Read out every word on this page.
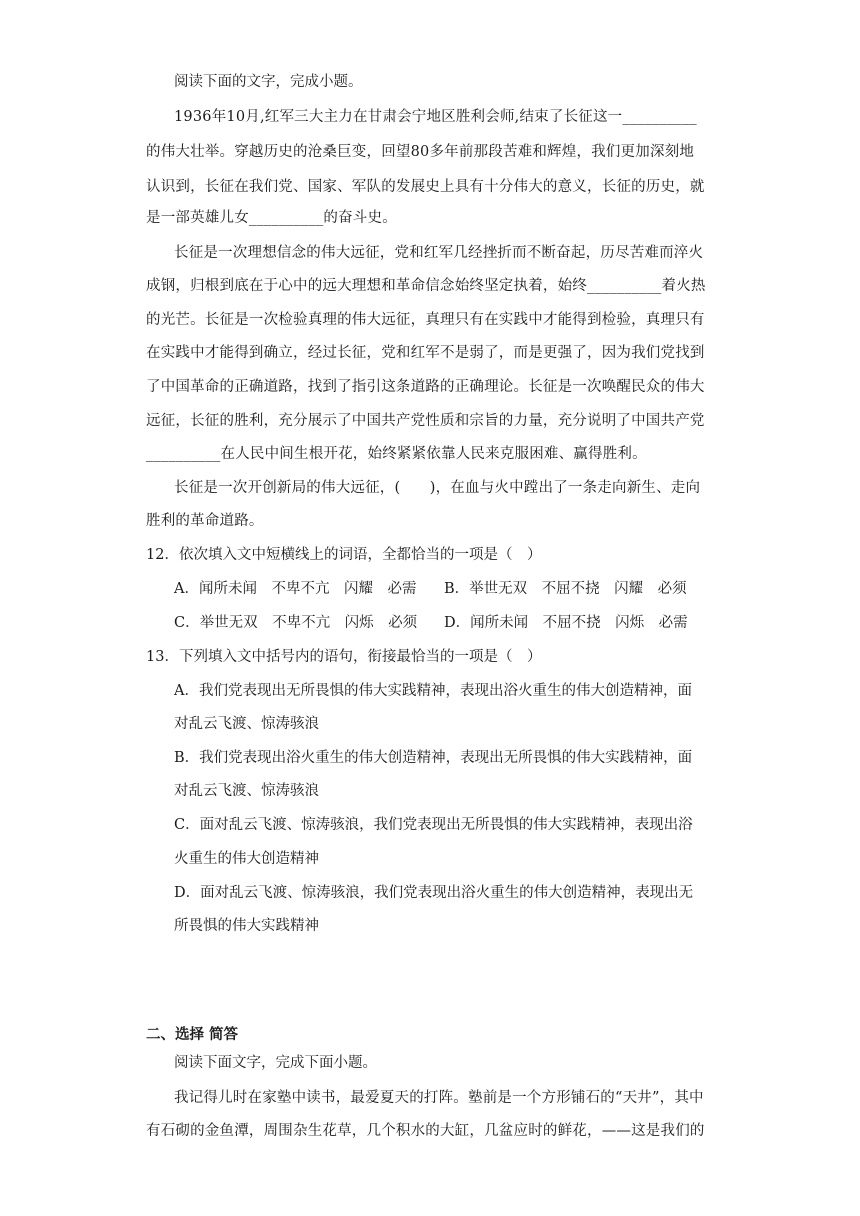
阅读下面的文字，完成小题。
1936年10月,红军三大主力在甘肃会宁地区胜利会师,结束了长征这一__________
的伟大壮举。穿越历史的沧桑巨变，回望80多年前那段苦难和辉煌，我们更加深刻地
认识到，长征在我们党、国家、军队的发展史上具有十分伟大的意义，长征的历史，就
是一部英雄儿女__________的奋斗史。
长征是一次理想信念的伟大远征，党和红军几经挫折而不断奋起，历尽苦难而淬火
成钢，归根到底在于心中的远大理想和革命信念始终坚定执着，始终__________着火热
的光芒。长征是一次检验真理的伟大远征，真理只有在实践中才能得到检验，真理只有
在实践中才能得到确立，经过长征，党和红军不是弱了，而是更强了，因为我们党找到
了中国革命的正确道路，找到了指引这条道路的正确理论。长征是一次唤醒民众的伟大
远征，长征的胜利，充分展示了中国共产党性质和宗旨的力量，充分说明了中国共产党
__________在人民中间生根开花，始终紧紧依靠人民来克服困难、赢得胜利。
长征是一次开创新局的伟大远征，(　　)，在血与火中蹚出了一条走向新生、走向
胜利的革命道路。
12．依次填入文中短横线上的词语，全都恰当的一项是（　）
A．闻所未闻　不卑不亢　闪耀　必需 B．举世无双　不屈不挠　闪耀　必须
C．举世无双　不卑不亢　闪烁　必须 D．闻所未闻　不屈不挠　闪烁　必需
13．下列填入文中括号内的语句，衔接最恰当的一项是（　）
A．我们党表现出无所畏惧的伟大实践精神，表现出浴火重生的伟大创造精神，面
对乱云飞渡、惊涛骇浪
B．我们党表现出浴火重生的伟大创造精神，表现出无所畏惧的伟大实践精神，面
对乱云飞渡、惊涛骇浪
C．面对乱云飞渡、惊涛骇浪，我们党表现出无所畏惧的伟大实践精神，表现出浴
火重生的伟大创造精神
D．面对乱云飞渡、惊涛骇浪，我们党表现出浴火重生的伟大创造精神，表现出无
所畏惧的伟大实践精神
二、选择 简答
阅读下面文字，完成下面小题。
我记得儿时在家塾中读书，最爱夏天的打阵。塾前是一个方形铺石的“天井”，其中
有石砌的金鱼潭，周围杂生花草，几个积水的大缸，几盆应时的鲜花，——这是我们的
